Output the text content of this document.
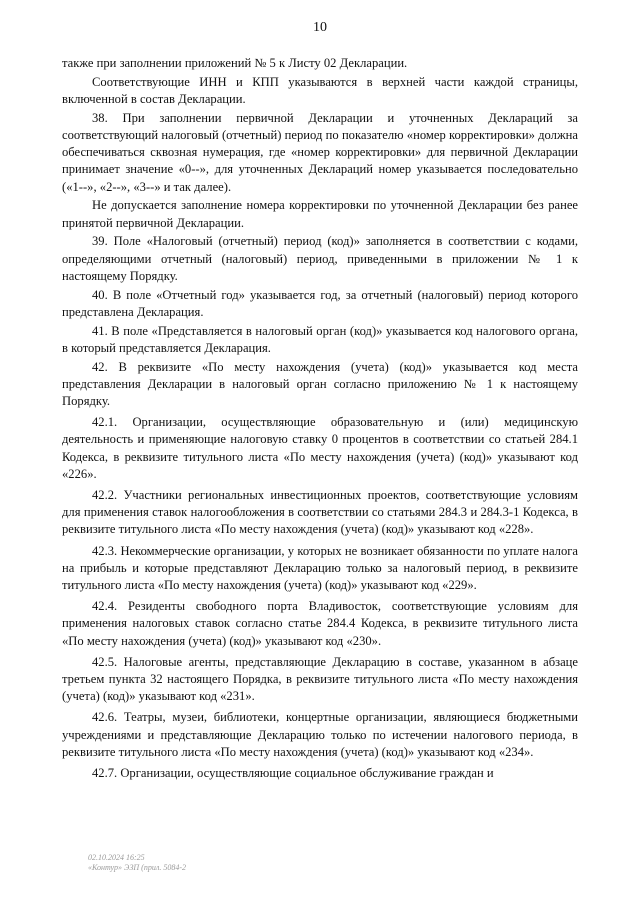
10

также при заполнении приложений № 5 к Листу 02 Декларации.

Соответствующие ИНН и КПП указываются в верхней части каждой страницы, включенной в состав Декларации.

38. При заполнении первичной Декларации и уточненных Деклараций за соответствующий налоговый (отчетный) период по показателю «номер корректировки» должна обеспечиваться сквозная нумерация, где «номер корректировки» для первичной Декларации принимает значение «0--», для уточненных Деклараций номер указывается последовательно («1--», «2--», «3--» и так далее).

Не допускается заполнение номера корректировки по уточненной Декларации без ранее принятой первичной Декларации.

39. Поле «Налоговый (отчетный) период (код)» заполняется в соответствии с кодами, определяющими отчетный (налоговый) период, приведенными в приложении № 1 к настоящему Порядку.

40. В поле «Отчетный год» указывается год, за отчетный (налоговый) период которого представлена Декларация.

41. В поле «Представляется в налоговый орган (код)» указывается код налогового органа, в который представляется Декларация.

42. В реквизите «По месту нахождения (учета) (код)» указывается код места представления Декларации в налоговый орган согласно приложению № 1 к настоящему Порядку.

42.1. Организации, осуществляющие образовательную и (или) медицинскую деятельность и применяющие налоговую ставку 0 процентов в соответствии со статьей 284.1 Кодекса, в реквизите титульного листа «По месту нахождения (учета) (код)» указывают код «226».

42.2. Участники региональных инвестиционных проектов, соответствующие условиям для применения ставок налогообложения в соответствии со статьями 284.3 и 284.3-1 Кодекса, в реквизите титульного листа «По месту нахождения (учета) (код)» указывают код «228».

42.3. Некоммерческие организации, у которых не возникает обязанности по уплате налога на прибыль и которые представляют Декларацию только за налоговый период, в реквизите титульного листа «По месту нахождения (учета) (код)» указывают код «229».

42.4. Резиденты свободного порта Владивосток, соответствующие условиям для применения налоговых ставок согласно статье 284.4 Кодекса, в реквизите титульного листа «По месту нахождения (учета) (код)» указывают код «230».

42.5. Налоговые агенты, представляющие Декларацию в составе, указанном в абзаце третьем пункта 32 настоящего Порядка, в реквизите титульного листа «По месту нахождения (учета) (код)» указывают код «231».

42.6. Театры, музеи, библиотеки, концертные организации, являющиеся бюджетными учреждениями и представляющие Декларацию только по истечении налогового периода, в реквизите титульного листа «По месту нахождения (учета) (код)» указывают код «234».

42.7. Организации, осуществляющие социальное обслуживание граждан и

02.10.2024 16:25
«Контур» ЭЗП (прил. 5084-2
